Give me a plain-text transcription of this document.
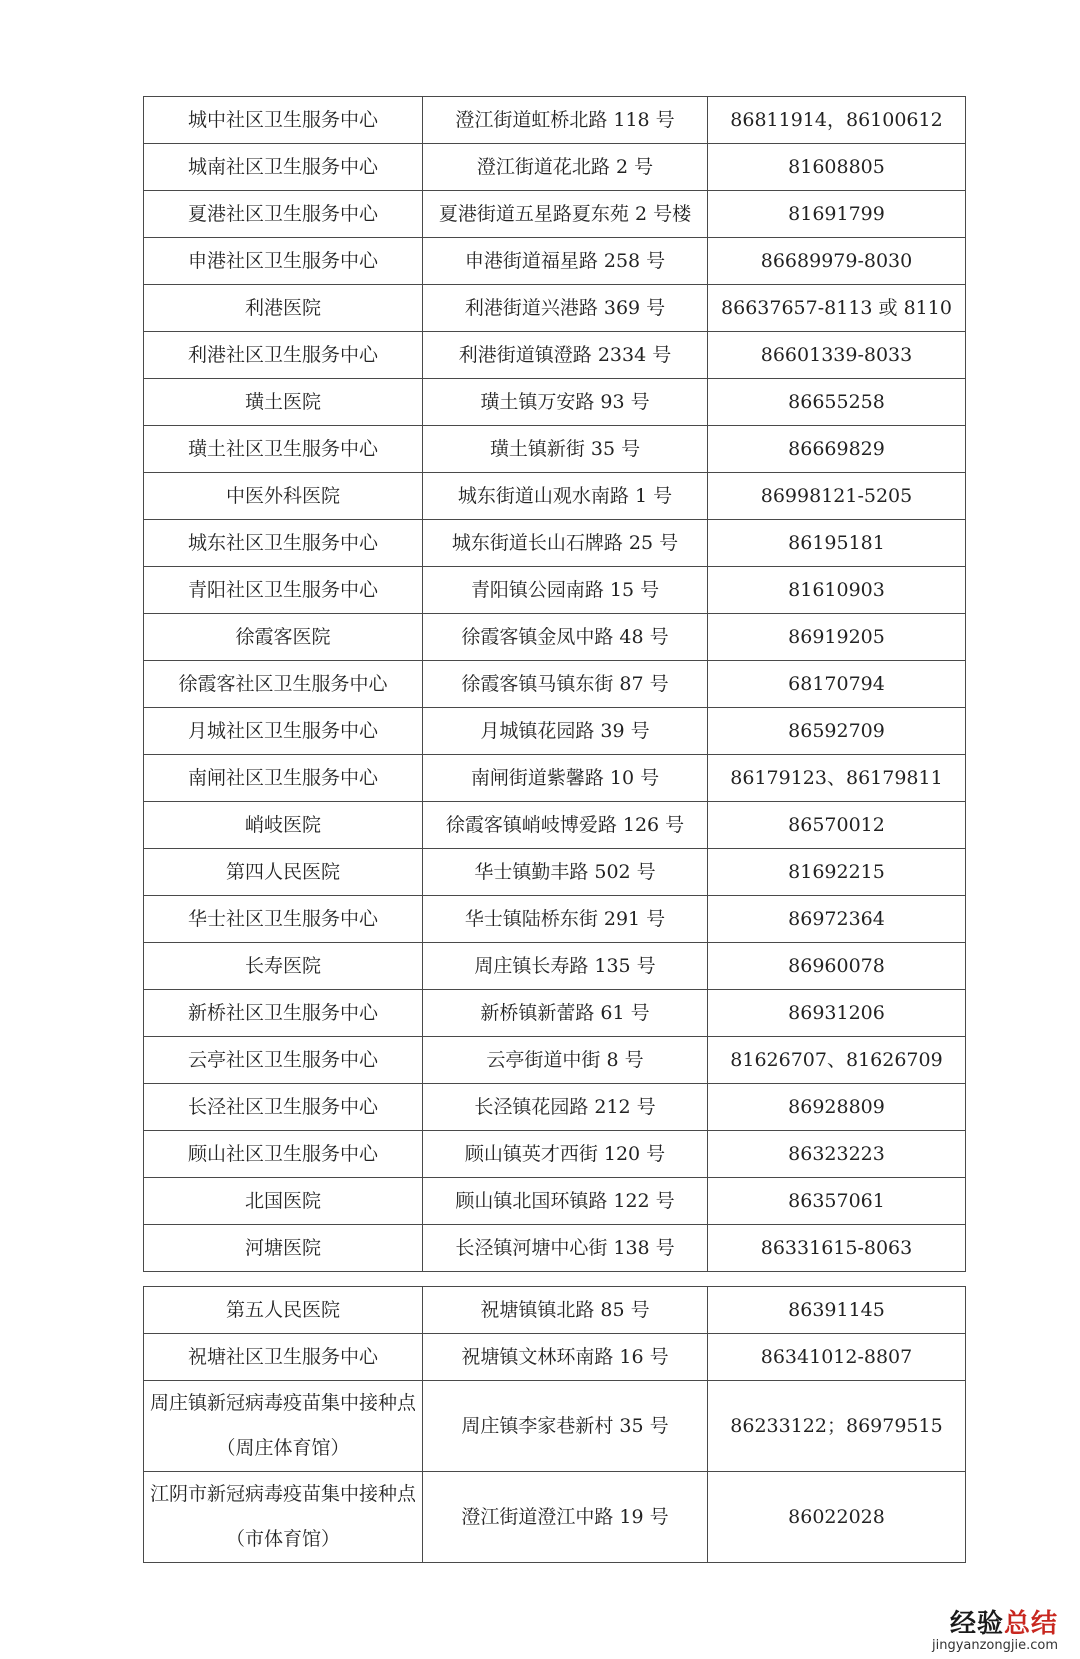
城中社区卫生服务中心	澄江街道虹桥北路 118 号	86811914，86100612
城南社区卫生服务中心	澄江街道花北路 2 号	81608805
夏港社区卫生服务中心	夏港街道五星路夏东苑 2 号楼	81691799
申港社区卫生服务中心	申港街道福星路 258 号	86689979-8030
利港医院	利港街道兴港路 369 号	86637657-8113 或 8110
利港社区卫生服务中心	利港街道镇澄路 2334 号	86601339-8033
璜土医院	璜土镇万安路 93 号	86655258
璜土社区卫生服务中心	璜土镇新街 35 号	86669829
中医外科医院	城东街道山观水南路 1 号	86998121-5205
城东社区卫生服务中心	城东街道长山石牌路 25 号	86195181
青阳社区卫生服务中心	青阳镇公园南路 15 号	81610903
徐霞客医院	徐霞客镇金凤中路 48 号	86919205
徐霞客社区卫生服务中心	徐霞客镇马镇东街 87 号	68170794
月城社区卫生服务中心	月城镇花园路 39 号	86592709
南闸社区卫生服务中心	南闸街道紫馨路 10 号	86179123、86179811
峭岐医院	徐霞客镇峭岐博爱路 126 号	86570012
第四人民医院	华士镇勤丰路 502 号	81692215
华士社区卫生服务中心	华士镇陆桥东街 291 号	86972364
长寿医院	周庄镇长寿路 135 号	86960078
新桥社区卫生服务中心	新桥镇新蕾路 61 号	86931206
云亭社区卫生服务中心	云亭街道中街 8 号	81626707、81626709
长泾社区卫生服务中心	长泾镇花园路 212 号	86928809
顾山社区卫生服务中心	顾山镇英才西街 120 号	86323223
北国医院	顾山镇北国环镇路 122 号	86357061
河塘医院	长泾镇河塘中心街 138 号	86331615-8063
第五人民医院	祝塘镇镇北路 85 号	86391145
祝塘社区卫生服务中心	祝塘镇文林环南路 16 号	86341012-8807
周庄镇新冠病毒疫苗集中接种点（周庄体育馆）	周庄镇李家巷新村 35 号	86233122；86979515
江阴市新冠病毒疫苗集中接种点（市体育馆）	澄江街道澄江中路 19 号	86022028
经验总结
jingyanzongjie.com
